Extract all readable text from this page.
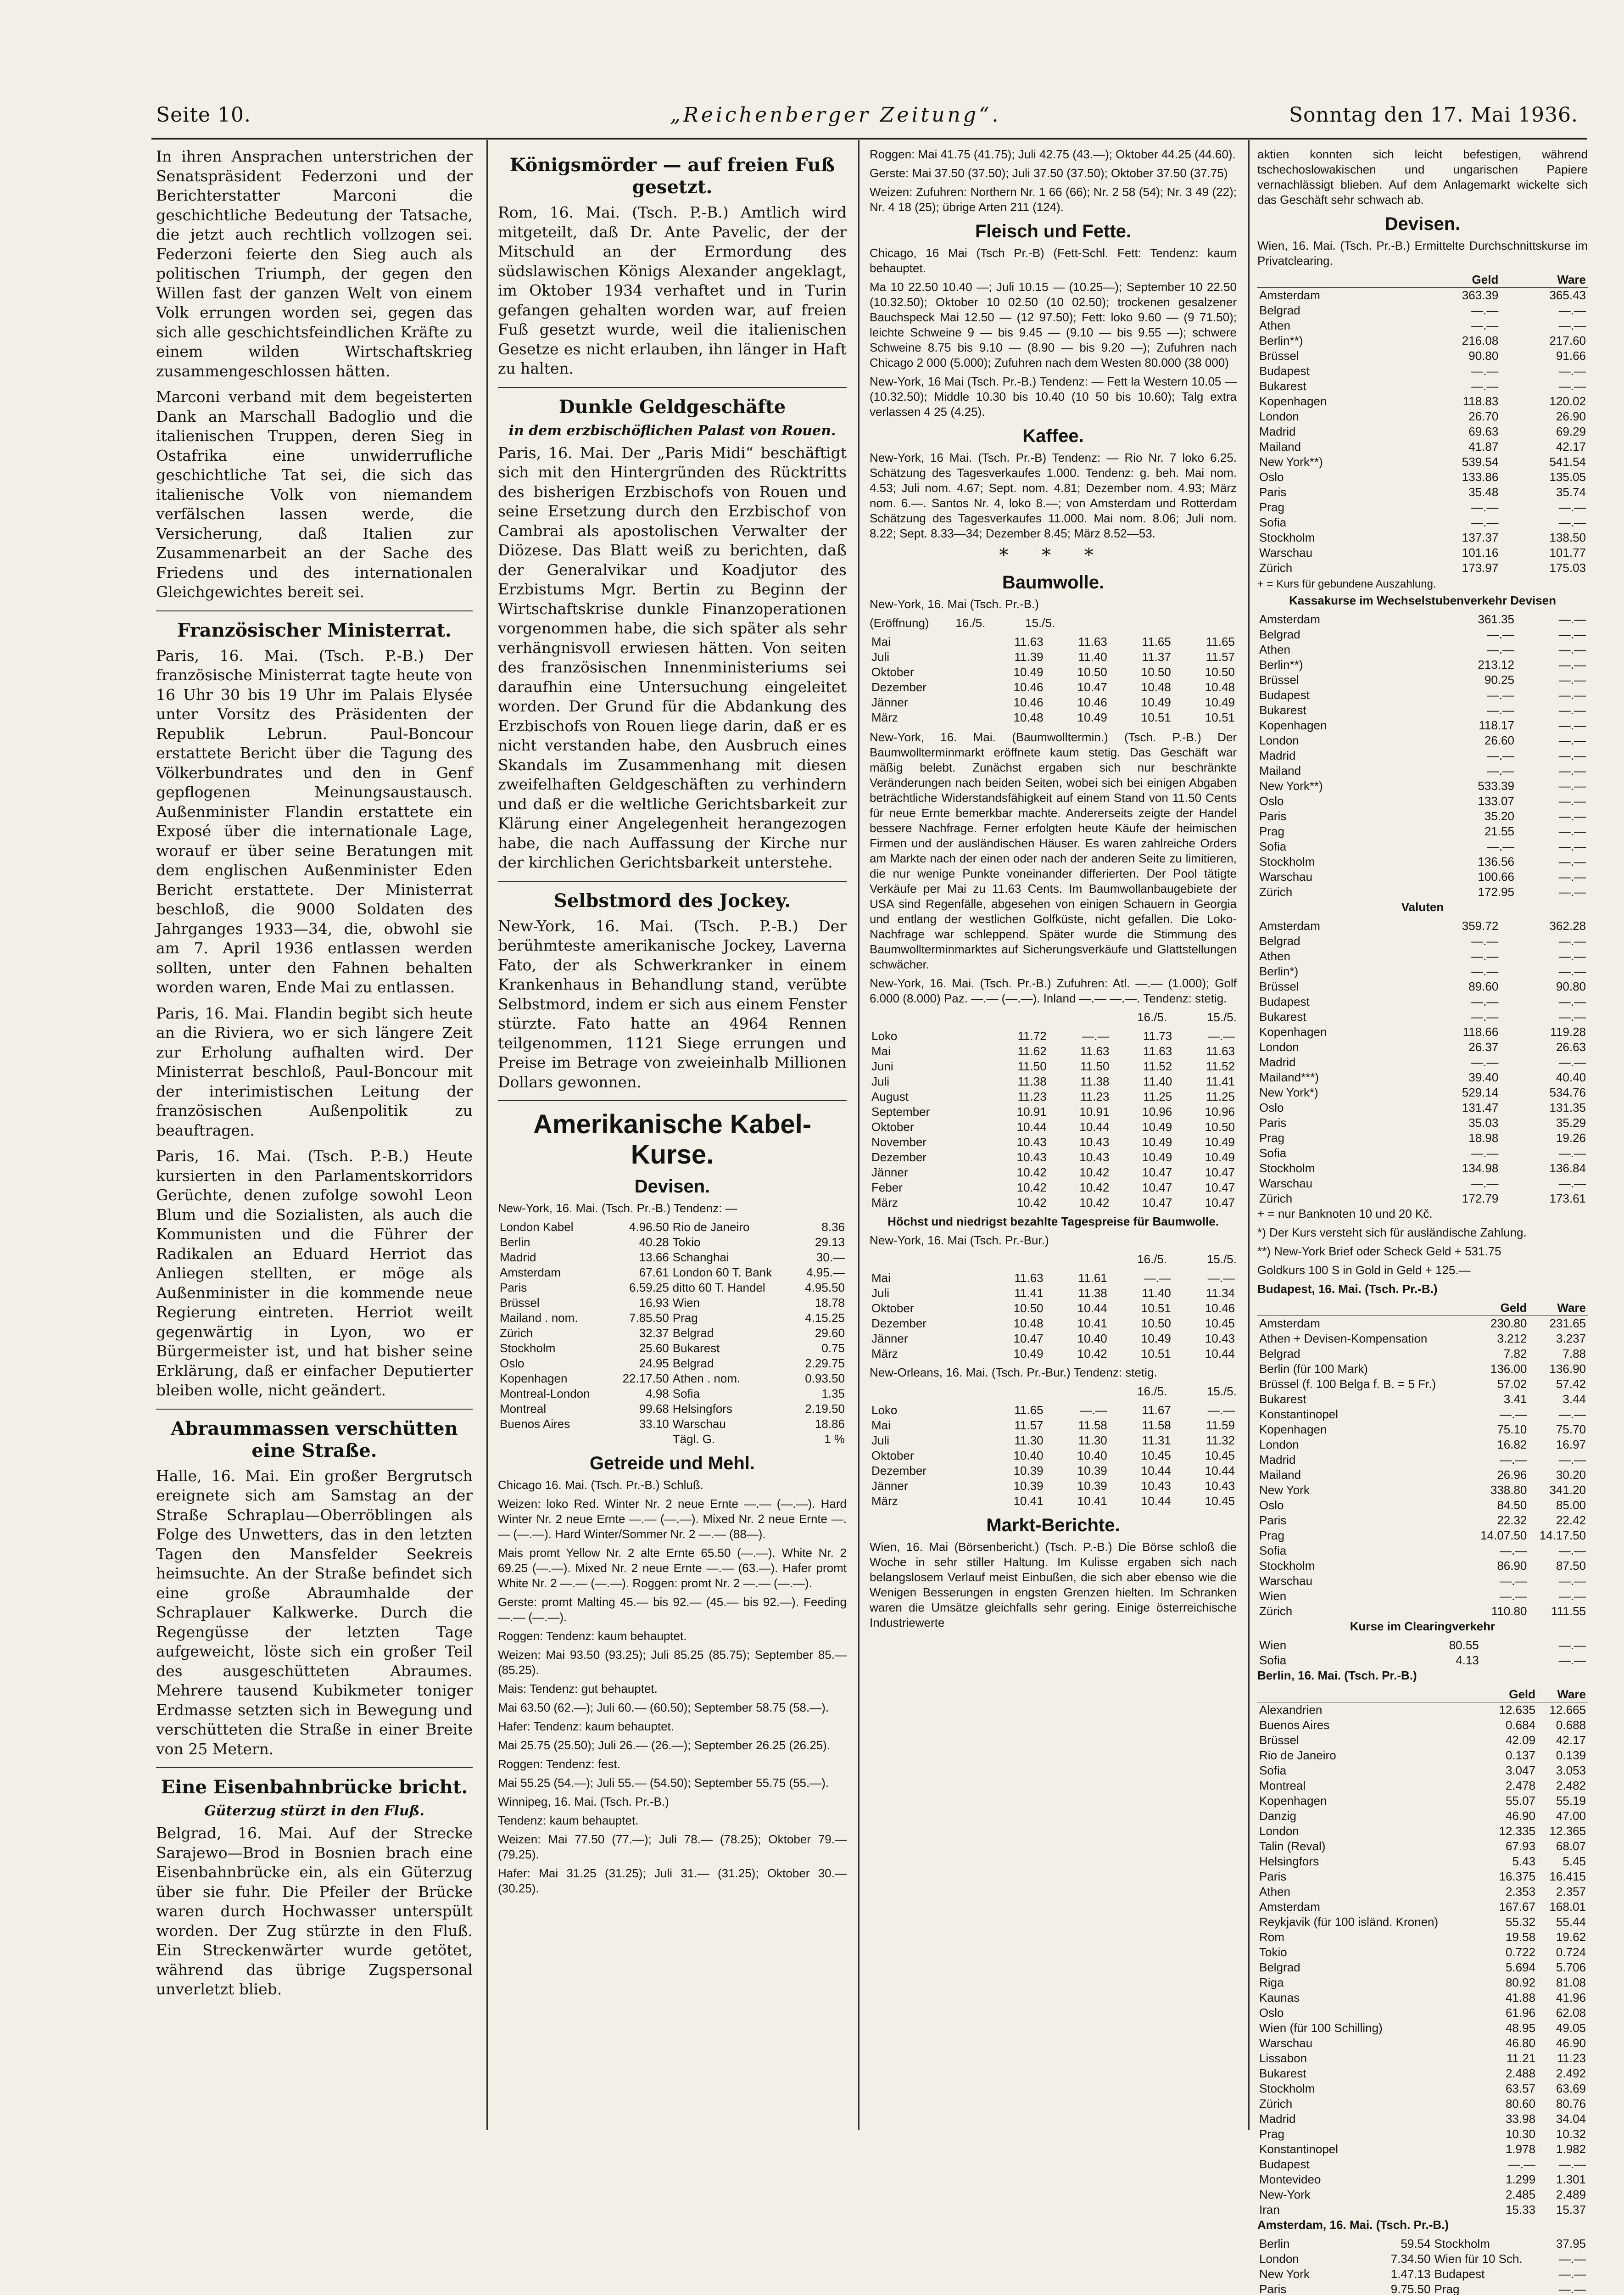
Seite 10.	„Reichenberger Zeitung“.	Sonntag den 17. Mai 1936.

In ihren Ansprachen unterstrichen der Senatspräsident Federzoni und der Berichterstatter Marconi die geschichtliche Bedeutung der Tatsache, die jetzt auch rechtlich vollzogen sei. Federzoni feierte den Sieg auch als politischen Triumph, der gegen den Willen fast der ganzen Welt von einem Volk errungen worden sei, gegen das sich alle geschichtsfeindlichen Kräfte zu einem wilden Wirtschaftskrieg zusammengeschlossen hätten.

Marconi verband mit dem begeisterten Dank an Marschall Badoglio und die italienischen Truppen, deren Sieg in Ostafrika eine unwiderrufliche geschichtliche Tat sei, die sich das italienische Volk von niemandem verfälschen lassen werde, die Versicherung, daß Italien zur Zusammenarbeit an der Sache des Friedens und des internationalen Gleichgewichtes bereit sei.

Französischer Ministerrat.

Paris, 16. Mai. (Tsch. P.-B.) Der französische Ministerrat tagte heute von 16 Uhr 30 bis 19 Uhr im Palais Elysée unter Vorsitz des Präsidenten der Republik Lebrun. Paul-Boncour erstattete Bericht über die Tagung des Völkerbundrates und den in Genf gepflogenen Meinungsaustausch. Außenminister Flandin erstattete ein Exposé über die internationale Lage, worauf er über seine Beratungen mit dem englischen Außenminister Eden Bericht erstattete. Der Ministerrat beschloß, die 9000 Soldaten des Jahrganges 1933—34, die, obwohl sie am 7. April 1936 entlassen werden sollten, unter den Fahnen behalten worden waren, Ende Mai zu entlassen.

Paris, 16. Mai. Flandin begibt sich heute an die Riviera, wo er sich längere Zeit zur Erholung aufhalten wird. Der Ministerrat beschloß, Paul-Boncour mit der interimistischen Leitung der französischen Außenpolitik zu beauftragen.

Paris, 16. Mai. (Tsch. P.-B.) Heute kursierten in den Parlamentskorridors Gerüchte, denen zufolge sowohl Leon Blum und die Sozialisten, als auch die Kommunisten und die Führer der Radikalen an Eduard Herriot das Anliegen stellten, er möge als Außenminister in die kommende neue Regierung eintreten. Herriot weilt gegenwärtig in Lyon, wo er Bürgermeister ist, und hat bisher seine Erklärung, daß er einfacher Deputierter bleiben wolle, nicht geändert.

Abraummassen verschütten eine Straße.

Halle, 16. Mai. Ein großer Bergrutsch ereignete sich am Samstag an der Straße Schraplau—Oberröblingen als Folge des Unwetters, das in den letzten Tagen den Mansfelder Seekreis heimsuchte. An der Straße befindet sich eine große Abraumhalde der Schraplauer Kalkwerke. Durch die Regengüsse der letzten Tage aufgeweicht, löste sich ein großer Teil des ausgeschütteten Abraumes. Mehrere tausend Kubikmeter toniger Erdmasse setzten sich in Bewegung und verschütteten die Straße in einer Breite von 25 Metern.

Eine Eisenbahnbrücke bricht.
Güterzug stürzt in den Fluß.

Belgrad, 16. Mai. Auf der Strecke Sarajewo—Brod in Bosnien brach eine Eisenbahnbrücke ein, als ein Güterzug über sie fuhr. Die Pfeiler der Brücke waren durch Hochwasser unterspült worden. Der Zug stürzte in den Fluß. Ein Streckenwärter wurde getötet, während das übrige Zugspersonal unverletzt blieb.

Königsmörder — auf freien Fuß gesetzt.

Rom, 16. Mai. (Tsch. P.-B.) Amtlich wird mitgeteilt, daß Dr. Ante Pavelic, der der Mitschuld an der Ermordung des südslawischen Königs Alexander angeklagt, im Oktober 1934 verhaftet und in Turin gefangen gehalten worden war, auf freien Fuß gesetzt wurde, weil die italienischen Gesetze es nicht erlauben, ihn länger in Haft zu halten.

Dunkle Geldgeschäfte
in dem erzbischöflichen Palast von Rouen.

Paris, 16. Mai. Der „Paris Midi“ beschäftigt sich mit den Hintergründen des Rücktritts des bisherigen Erzbischofs von Rouen und seine Ersetzung durch den Erzbischof von Cambrai als apostolischen Verwalter der Diözese. Das Blatt weiß zu berichten, daß der Generalvikar und Koadjutor des Erzbistums Mgr. Bertin zu Beginn der Wirtschaftskrise dunkle Finanzoperationen vorgenommen habe, die sich später als sehr verhängnisvoll erwiesen hätten. Von seiten des französischen Innenministeriums sei daraufhin eine Untersuchung eingeleitet worden. Der Grund für die Abdankung des Erzbischofs von Rouen liege darin, daß er es nicht verstanden habe, den Ausbruch eines Skandals im Zusammenhang mit diesen zweifelhaften Geldgeschäften zu verhindern und daß er die weltliche Gerichtsbarkeit zur Klärung einer Angelegenheit herangezogen habe, die nach Auffassung der Kirche nur der kirchlichen Gerichtsbarkeit unterstehe.

Selbstmord des Jockey.

New-York, 16. Mai. (Tsch. P.-B.) Der berühmteste amerikanische Jockey, Laverna Fato, der als Schwerkranker in einem Krankenhaus in Behandlung stand, verübte Selbstmord, indem er sich aus einem Fenster stürzte. Fato hatte an 4964 Rennen teilgenommen, 1121 Siege errungen und Preise im Betrage von zweieinhalb Millionen Dollars gewonnen.

Amerikanische Kabel-Kurse.
Devisen.
New-York, 16. Mai. (Tsch. Pr.-B.) Tendenz: —
London Kabel	4.96.50	Rio de Janeiro	8.36
Berlin	40.28	Tokio	29.13
Madrid	13.66	Schanghai	30.—
Amsterdam	67.61	London 60 T. Bank	4.95.—
Paris	6.59.25	ditto 60 T. Handel	4.95.50
Brüssel	16.93	Wien	18.78
Mailand . nom.	7.85.50	Prag	4.15.25
Zürich	32.37	Belgrad	29.60
Stockholm	25.60	Bukarest	0.75
Oslo	24.95	Belgrad	2.29.75
Kopenhagen	22.17.50	Athen . nom.	0.93.50
Montreal-London	4.98	Sofia	1.35
Montreal	99.68	Helsingfors	2.19.50
Buenos Aires	33.10	Warschau	18.86
		Tägl. G.	1 %
Getreide und Mehl.
Chicago 16. Mai. (Tsch. Pr.-B.) Schluß.
Weizen: loko Red. Winter Nr. 2 neue Ernte —.— (—.—). Hard Winter Nr. 2 neue Ernte —.— (—.—). Mixed Nr. 2 neue Ernte —.— (—.—). Hard Winter/Sommer Nr. 2 —.— (88—).
Mais promt Yellow Nr. 2 alte Ernte 65.50 (—.—). White Nr. 2 69.25 (—.—). Mixed Nr. 2 neue Ernte —.— (63.—). Hafer promt White Nr. 2 —.— (—.—). Roggen: promt Nr. 2 —.— (—.—).
Gerste: promt Malting 45.— bis 92.— (45.— bis 92.—). Feeding —.— (—.—).
Roggen: Tendenz: kaum behauptet.
Weizen: Mai 93.50 (93.25); Juli 85.25 (85.75); September 85.— (85.25).
Mais: Tendenz: gut behauptet.
Mai 63.50 (62.—); Juli 60.— (60.50); September 58.75 (58.—).
Hafer: Tendenz: kaum behauptet.
Mai 25.75 (25.50); Juli 26.— (26.—); September 26.25 (26.25).
Roggen: Tendenz: fest.
Mai 55.25 (54.—); Juli 55.— (54.50); September 55.75 (55.—).
Winnipeg, 16. Mai. (Tsch. Pr.-B.)
Tendenz: kaum behauptet.
Weizen: Mai 77.50 (77.—); Juli 78.— (78.25); Oktober 79.— (79.25).
Hafer: Mai 31.25 (31.25); Juli 31.— (31.25); Oktober 30.— (30.25).
Roggen: Mai 41.75 (41.75); Juli 42.75 (43.—); Oktober 44.25 (44.60).
Gerste: Mai 37.50 (37.50); Juli 37.50 (37.50); Oktober 37.50 (37.75)
Weizen: Zufuhren: Northern Nr. 1 66 (66); Nr. 2 58 (54); Nr. 3 49 (22); Nr. 4 18 (25); übrige Arten 211 (124).
Fleisch und Fette.
Chicago, 16 Mai (Tsch Pr.-B) (Fett-Schl. Fett: Tendenz: kaum behauptet.
Ma 10 22.50 10.40 —; Juli 10.15 — (10.25—); September 10 22.50 (10.32.50); Oktober 10 02.50 (10 02.50); trockenen gesalzener Bauchspeck Mai 12.50 — (12 97.50); Fett: loko 9.60 — (9 71.50); leichte Schweine 9 — bis 9.45 — (9.10 — bis 9.55 —); schwere Schweine 8.75 bis 9.10 — (8.90 — bis 9.20 —); Zufuhren nach Chicago 2 000 (5.000); Zufuhren nach dem Westen 80.000 (38 000)
New-York, 16 Mai (Tsch. Pr.-B.) Tendenz: — Fett la Western 10.05 — (10.32.50); Middle 10.30 bis 10.40 (10 50 bis 10.60); Talg extra verlassen 4 25 (4.25).
Kaffee.
New-York, 16 Mai. (Tsch. Pr.-B) Tendenz: — Rio Nr. 7 loko 6.25. Schätzung des Tagesverkaufes 1.000. Tendenz: g. beh. Mai nom. 4.53; Juli nom. 4.67; Sept. nom. 4.81; Dezember nom. 4.93; März nom. 6.—. Santos Nr. 4, loko 8.—; von Amsterdam und Rotterdam Schätzung des Tagesverkaufes 11.000. Mai nom. 8.06; Juli nom. 8.22; Sept. 8.33—34; Dezember 8.45; März 8.52—53.
* * *
Baumwolle.
New-York, 16. Mai (Tsch. Pr.-B.)
(Eröffnung)        16./5.            15./5.
Mai	11.63	11.63	11.65	11.65
Juli	11.39	11.40	11.37	11.57
Oktober	10.49	10.50	10.50	10.50
Dezember	10.46	10.47	10.48	10.48
Jänner	10.46	10.46	10.49	10.49
März	10.48	10.49	10.51	10.51
New-York, 16. Mai. (Baumwolltermin.) (Tsch. P.-B.) Der Baumwollterminmarkt eröffnete kaum stetig. Das Geschäft war mäßig belebt. Zunächst ergaben sich nur beschränkte Veränderungen nach beiden Seiten, wobei sich bei einigen Abgaben beträchtliche Widerstandsfähigkeit auf einem Stand von 11.50 Cents für neue Ernte bemerkbar machte. Andererseits zeigte der Handel bessere Nachfrage. Ferner erfolgten heute Käufe der heimischen Firmen und der ausländischen Häuser. Es waren zahlreiche Orders am Markte nach der einen oder nach der anderen Seite zu limitieren, die nur wenige Punkte voneinander differierten. Der Pool tätigte Verkäufe per Mai zu 11.63 Cents. Im Baumwollanbaugebiete der USA sind Regenfälle, abgesehen von einigen Schauern in Georgia und entlang der westlichen Golfküste, nicht gefallen. Die Loko-Nachfrage war schleppend. Später wurde die Stimmung des Baumwollterminmarktes auf Sicherungsverkäufe und Glattstellungen schwächer.
New-York, 16. Mai. (Tsch. Pr.-B.) Zufuhren: Atl. —.— (1.000); Golf 6.000 (8.000) Paz. —.— (—.—). Inland —.— —.—. Tendenz: stetig.
16./5.            15./5.
Loko	11.72	—.—	11.73	—.—
Mai	11.62	11.63	11.63	11.63
Juni	11.50	11.50	11.52	11.52
Juli	11.38	11.38	11.40	11.41
August	11.23	11.23	11.25	11.25
September	10.91	10.91	10.96	10.96
Oktober	10.44	10.44	10.49	10.50
November	10.43	10.43	10.49	10.49
Dezember	10.43	10.43	10.49	10.49
Jänner	10.42	10.42	10.47	10.47
Feber	10.42	10.42	10.47	10.47
März	10.42	10.42	10.47	10.47
Höchst und niedrigst bezahlte Tagespreise für Baumwolle.
New-York, 16. Mai (Tsch. Pr.-Bur.)
16./5.            15./5.
Mai	11.63	11.61	—.—	—.—
Juli	11.41	11.38	11.40	11.34
Oktober	10.50	10.44	10.51	10.46
Dezember	10.48	10.41	10.50	10.45
Jänner	10.47	10.40	10.49	10.43
März	10.49	10.42	10.51	10.44
New-Orleans, 16. Mai. (Tsch. Pr.-Bur.) Tendenz: stetig.
16./5.            15./5.
Loko	11.65	—.—	11.67	—.—
Mai	11.57	11.58	11.58	11.59
Juli	11.30	11.30	11.31	11.32
Oktober	10.40	10.40	10.45	10.45
Dezember	10.39	10.39	10.44	10.44
Jänner	10.39	10.39	10.43	10.43
März	10.41	10.41	10.44	10.45
Markt-Berichte.
Wien, 16. Mai (Börsenbericht.) (Tsch. P.-B.) Die Börse schloß die Woche in sehr stiller Haltung. Im Kulisse ergaben sich nach belangslosem Verlauf meist Einbußen, die sich aber ebenso wie die Wenigen Besserungen in engsten Grenzen hielten. Im Schranken waren die Umsätze gleichfalls sehr gering. Einige österreichische Industriewerte
aktien konnten sich leicht befestigen, während tschechoslowakischen und ungarischen Papiere vernachlässigt blieben. Auf dem Anlagemarkt wickelte sich das Geschäft sehr schwach ab.
Devisen.
Wien, 16. Mai. (Tsch. Pr.-B.) Ermittelte Durchschnittskurse im Privatclearing.
	Geld	Ware
Amsterdam	363.39	365.43
Belgrad	—.—	—.—
Athen	—.—	—.—
Berlin**)	216.08	217.60
Brüssel	90.80	91.66
Budapest	—.—	—.—
Bukarest	—.—	—.—
Kopenhagen	118.83	120.02
London	26.70	26.90
Madrid	69.63	69.29
Mailand	41.87	42.17
New York**)	539.54	541.54
Oslo	133.86	135.05
Paris	35.48	35.74
Prag	—.—	—.—
Sofia	—.—	—.—
Stockholm	137.37	138.50
Warschau	101.16	101.77
Zürich	173.97	175.03
+ = Kurs für gebundene Auszahlung.
Kassakurse im Wechselstubenverkehr Devisen
Amsterdam	361.35	—.—
Belgrad	—.—	—.—
Athen	—.—	—.—
Berlin**)	213.12	—.—
Brüssel	90.25	—.—
Budapest	—.—	—.—
Bukarest	—.—	—.—
Kopenhagen	118.17	—.—
London	26.60	—.—
Madrid	—.—	—.—
Mailand	—.—	—.—
New York**)	533.39	—.—
Oslo	133.07	—.—
Paris	35.20	—.—
Prag	21.55	—.—
Sofia	—.—	—.—
Stockholm	136.56	—.—
Warschau	100.66	—.—
Zürich	172.95	—.—
Valuten
Amsterdam	359.72	362.28
Belgrad	—.—	—.—
Athen	—.—	—.—
Berlin*)	—.—	—.—
Brüssel	89.60	90.80
Budapest	—.—	—.—
Bukarest	—.—	—.—
Kopenhagen	118.66	119.28
London	26.37	26.63
Madrid	—.—	—.—
Mailand***)	39.40	40.40
New York*)	529.14	534.76
Oslo	131.47	131.35
Paris	35.03	35.29
Prag	18.98	19.26
Sofia	—.—	—.—
Stockholm	134.98	136.84
Warschau	—.—	—.—
Zürich	172.79	173.61
+ = nur Banknoten 10 und 20 Kč.
*) Der Kurs versteht sich für ausländische Zahlung.
**) New-York Brief oder Scheck Geld + 531.75
Goldkurs 100 S in Gold in Geld + 125.—
Budapest, 16. Mai. (Tsch. Pr.-B.)
	Geld	Ware
Amsterdam	230.80	231.65
Athen + Devisen-Kompensation	3.212	3.237
Belgrad	7.82	7.88
Berlin (für 100 Mark)	136.00	136.90
Brüssel (f. 100 Belga f. B. = 5 Fr.)	57.02	57.42
Bukarest	3.41	3.44
Konstantinopel	—.—	—.—
Kopenhagen	75.10	75.70
London	16.82	16.97
Madrid	—.—	—.—
Mailand	26.96	30.20
New York	338.80	341.20
Oslo	84.50	85.00
Paris	22.32	22.42
Prag	14.07.50	14.17.50
Sofia	—.—	—.—
Stockholm	86.90	87.50
Warschau	—.—	—.—
Wien	—.—	—.—
Zürich	110.80	111.55
Kurse im Clearingverkehr
Wien	80.55	—.—
Sofia	4.13	—.—
Berlin, 16. Mai. (Tsch. Pr.-B.)
	Geld	Ware
Alexandrien	12.635	12.665
Buenos Aires	0.684	0.688
Brüssel	42.09	42.17
Rio de Janeiro	0.137	0.139
Sofia	3.047	3.053
Montreal	2.478	2.482
Kopenhagen	55.07	55.19
Danzig	46.90	47.00
London	12.335	12.365
Talin (Reval)	67.93	68.07
Helsingfors	5.43	5.45
Paris	16.375	16.415
Athen	2.353	2.357
Amsterdam	167.67	168.01
Reykjavik (für 100 isländ. Kronen)	55.32	55.44
Rom	19.58	19.62
Tokio	0.722	0.724
Belgrad	5.694	5.706
Riga	80.92	81.08
Kaunas	41.88	41.96
Oslo	61.96	62.08
Wien (für 100 Schilling)	48.95	49.05
Warschau	46.80	46.90
Lissabon	11.21	11.23
Bukarest	2.488	2.492
Stockholm	63.57	63.69
Zürich	80.60	80.76
Madrid	33.98	34.04
Prag	10.30	10.32
Konstantinopel	1.978	1.982
Budapest	—.—	—.—
Montevideo	1.299	1.301
New-York	2.485	2.489
Iran	15.33	15.37
Amsterdam, 16. Mai. (Tsch. Pr.-B.)
Berlin	59.54	Stockholm	37.95
London	7.34.50	Wien für 10 Sch.	—.—
New York	1.47.13	Budapest	—.—
Paris	9.75.50	Prag	—.—
